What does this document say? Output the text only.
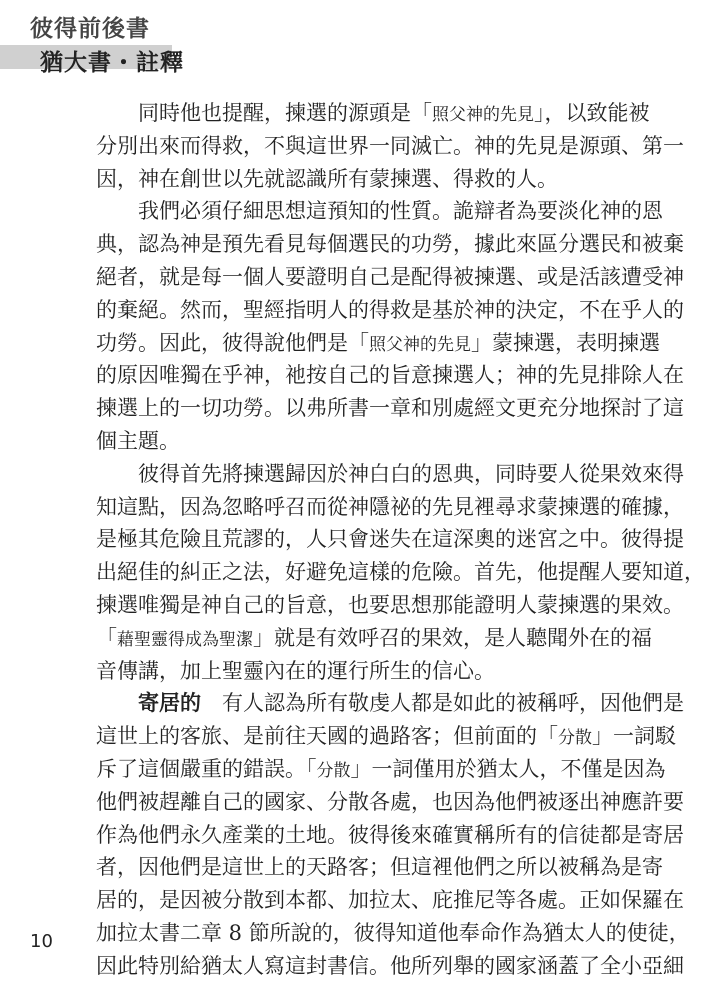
彼得前後書
猶大書・註釋
同時他也提醒，揀選的源頭是「照父神的先見」，以致能被
分別出來而得救，不與這世界一同滅亡。神的先見是源頭、第一
因，神在創世以先就認識所有蒙揀選、得救的人。
我們必須仔細思想這預知的性質。詭辯者為要淡化神的恩
典，認為神是預先看見每個選民的功勞，據此來區分選民和被棄
絕者，就是每一個人要證明自己是配得被揀選、或是活該遭受神
的棄絕。然而，聖經指明人的得救是基於神的決定，不在乎人的
功勞。因此，彼得說他們是「照父神的先見」蒙揀選，表明揀選
的原因唯獨在乎神，祂按自己的旨意揀選人；神的先見排除人在
揀選上的一切功勞。以弗所書一章和別處經文更充分地探討了這
個主題。
彼得首先將揀選歸因於神白白的恩典，同時要人從果效來得
知這點，因為忽略呼召而從神隱祕的先見裡尋求蒙揀選的確據，
是極其危險且荒謬的，人只會迷失在這深奧的迷宮之中。彼得提
出絕佳的糾正之法，好避免這樣的危險。首先，他提醒人要知道，
揀選唯獨是神自己的旨意，也要思想那能證明人蒙揀選的果效。
「藉聖靈得成為聖潔」就是有效呼召的果效，是人聽聞外在的福
音傳講，加上聖靈內在的運行所生的信心。
寄居的　有人認為所有敬虔人都是如此的被稱呼，因他們是
這世上的客旅、是前往天國的過路客；但前面的「分散」一詞駁
斥了這個嚴重的錯誤。「分散」一詞僅用於猶太人，不僅是因為
他們被趕離自己的國家、分散各處，也因為他們被逐出神應許要
作為他們永久產業的土地。彼得後來確實稱所有的信徒都是寄居
者，因他們是這世上的天路客；但這裡他們之所以被稱為是寄
居的，是因被分散到本都、加拉太、庇推尼等各處。正如保羅在
加拉太書二章 8 節所說的，彼得知道他奉命作為猶太人的使徒，
因此特別給猶太人寫這封書信。他所列舉的國家涵蓋了全小亞細
10
